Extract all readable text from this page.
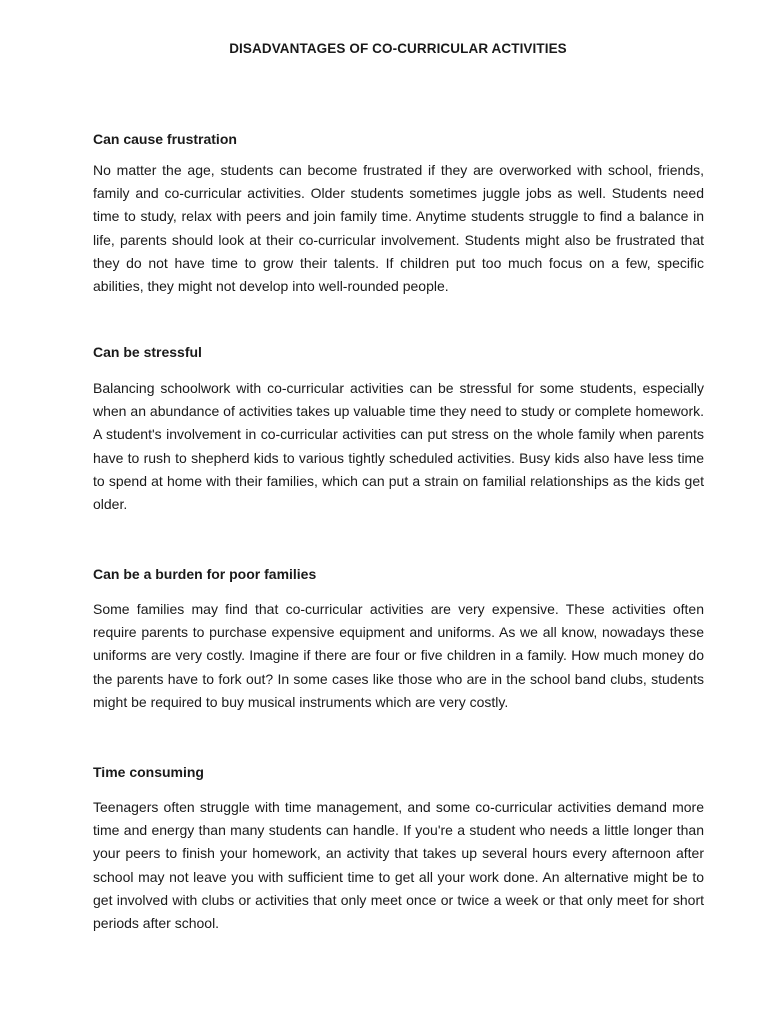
DISADVANTAGES OF CO-CURRICULAR ACTIVITIES

Can cause frustration

No matter the age, students can become frustrated if they are overworked with school, friends, family and co-curricular activities. Older students sometimes juggle jobs as well. Students need time to study, relax with peers and join family time. Anytime students struggle to find a balance in life, parents should look at their co-curricular involvement. Students might also be frustrated that they do not have time to grow their talents. If children put too much focus on a few, specific abilities, they might not develop into well-rounded people.

Can be stressful

Balancing schoolwork with co-curricular activities can be stressful for some students, especially when an abundance of activities takes up valuable time they need to study or complete homework. A student's involvement in co-curricular activities can put stress on the whole family when parents have to rush to shepherd kids to various tightly scheduled activities. Busy kids also have less time to spend at home with their families, which can put a strain on familial relationships as the kids get older.

Can be a burden for poor families

Some families may find that co-curricular activities are very expensive. These activities often require parents to purchase expensive equipment and uniforms. As we all know, nowadays these uniforms are very costly. Imagine if there are four or five children in a family. How much money do the parents have to fork out? In some cases like those who are in the school band clubs, students might be required to buy musical instruments which are very costly.

Time consuming

Teenagers often struggle with time management, and some co-curricular activities demand more time and energy than many students can handle. If you're a student who needs a little longer than your peers to finish your homework, an activity that takes up several hours every afternoon after school may not leave you with sufficient time to get all your work done. An alternative might be to get involved with clubs or activities that only meet once or twice a week or that only meet for short periods after school.
